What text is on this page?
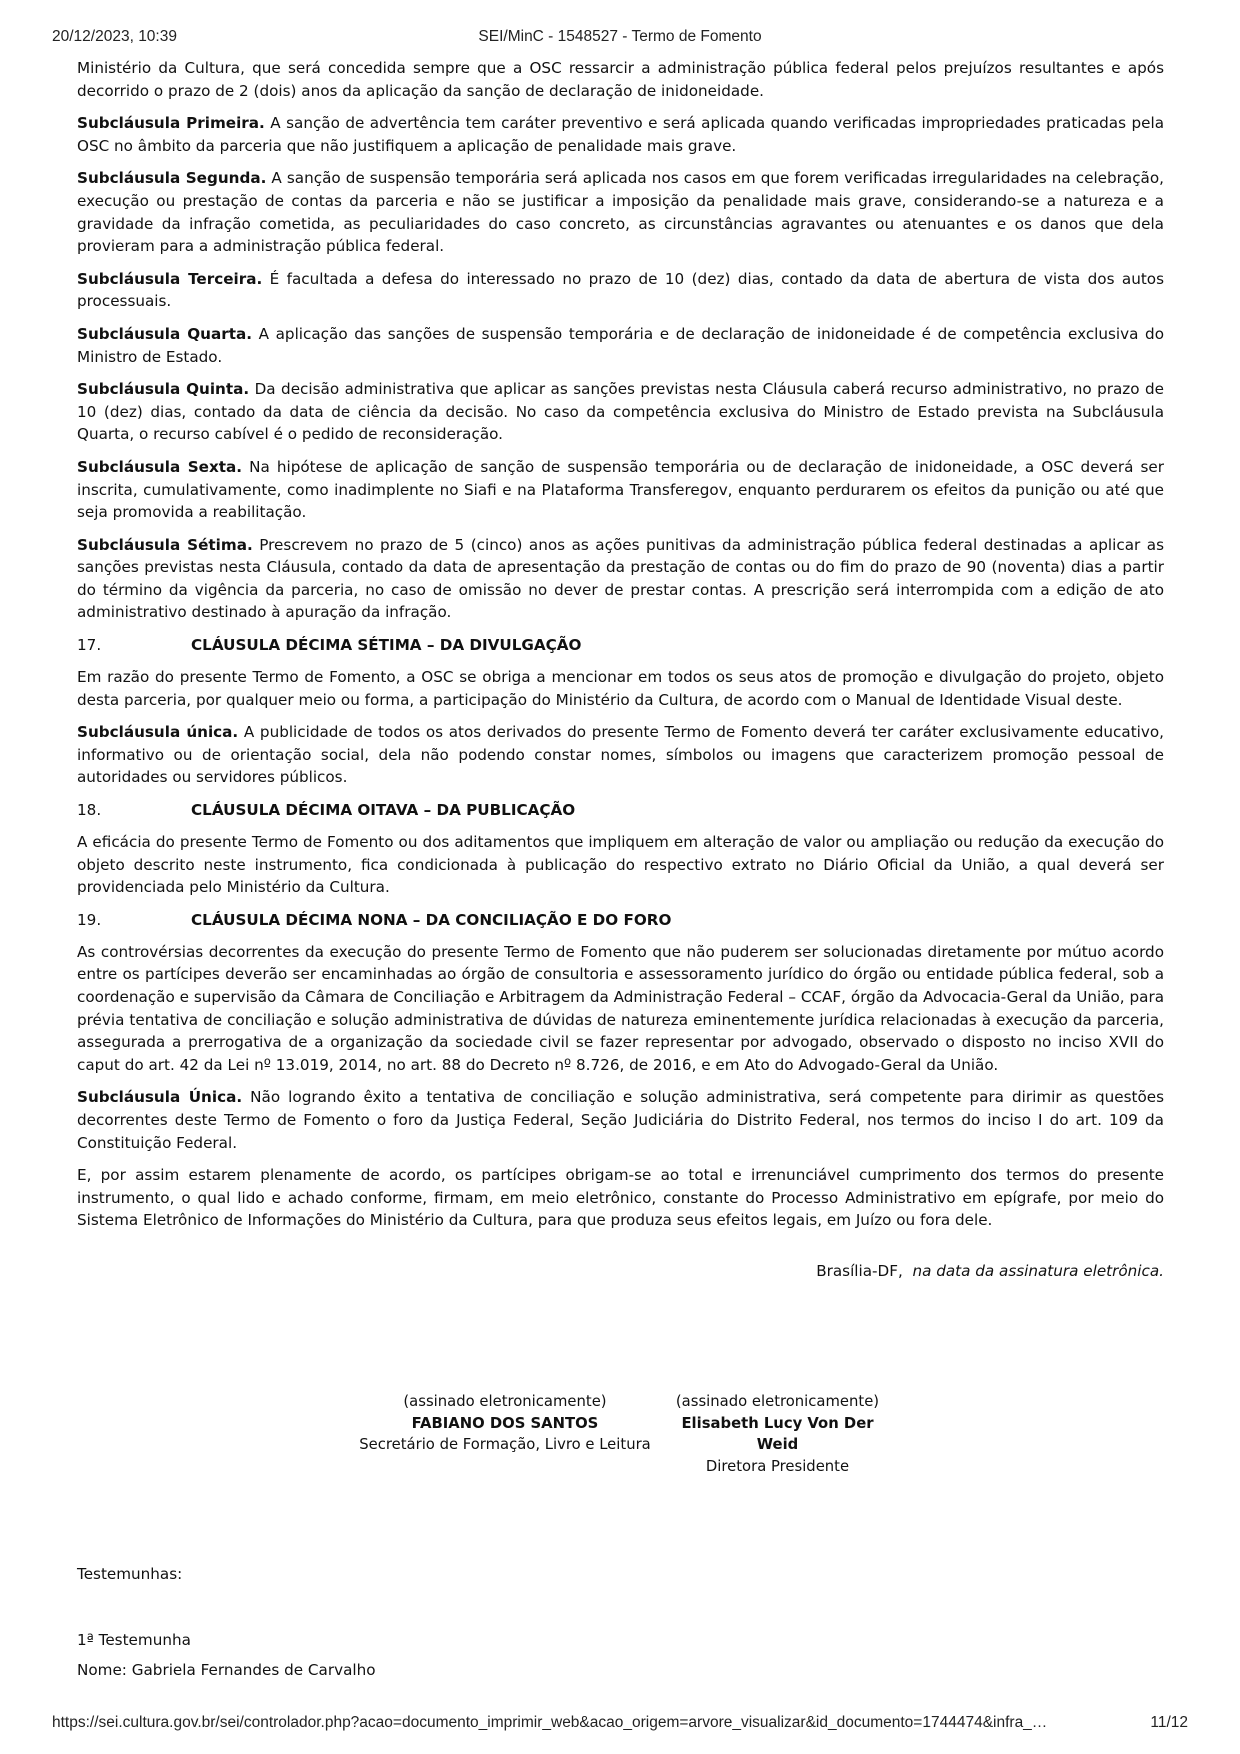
20/12/2023, 10:39	SEI/MinC - 1548527 - Termo de Fomento

Ministério da Cultura, que será concedida sempre que a OSC ressarcir a administração pública federal pelos prejuízos resultantes e após decorrido o prazo de 2 (dois) anos da aplicação da sanção de declaração de inidoneidade.

Subcláusula Primeira. A sanção de advertência tem caráter preventivo e será aplicada quando verificadas impropriedades praticadas pela OSC no âmbito da parceria que não justifiquem a aplicação de penalidade mais grave.

Subcláusula Segunda. A sanção de suspensão temporária será aplicada nos casos em que forem verificadas irregularidades na celebração, execução ou prestação de contas da parceria e não se justificar a imposição da penalidade mais grave, considerando-se a natureza e a gravidade da infração cometida, as peculiaridades do caso concreto, as circunstâncias agravantes ou atenuantes e os danos que dela provieram para a administração pública federal.

Subcláusula Terceira. É facultada a defesa do interessado no prazo de 10 (dez) dias, contado da data de abertura de vista dos autos processuais.

Subcláusula Quarta. A aplicação das sanções de suspensão temporária e de declaração de inidoneidade é de competência exclusiva do Ministro de Estado.

Subcláusula Quinta. Da decisão administrativa que aplicar as sanções previstas nesta Cláusula caberá recurso administrativo, no prazo de 10 (dez) dias, contado da data de ciência da decisão. No caso da competência exclusiva do Ministro de Estado prevista na Subcláusula Quarta, o recurso cabível é o pedido de reconsideração.

Subcláusula Sexta. Na hipótese de aplicação de sanção de suspensão temporária ou de declaração de inidoneidade, a OSC deverá ser inscrita, cumulativamente, como inadimplente no Siafi e na Plataforma Transferegov, enquanto perdurarem os efeitos da punição ou até que seja promovida a reabilitação.

Subcláusula Sétima. Prescrevem no prazo de 5 (cinco) anos as ações punitivas da administração pública federal destinadas a aplicar as sanções previstas nesta Cláusula, contado da data de apresentação da prestação de contas ou do fim do prazo de 90 (noventa) dias a partir do término da vigência da parceria, no caso de omissão no dever de prestar contas. A prescrição será interrompida com a edição de ato administrativo destinado à apuração da infração.

17.	CLÁUSULA DÉCIMA SÉTIMA – DA DIVULGAÇÃO

Em razão do presente Termo de Fomento, a OSC se obriga a mencionar em todos os seus atos de promoção e divulgação do projeto, objeto desta parceria, por qualquer meio ou forma, a participação do Ministério da Cultura, de acordo com o Manual de Identidade Visual deste.

Subcláusula única. A publicidade de todos os atos derivados do presente Termo de Fomento deverá ter caráter exclusivamente educativo, informativo ou de orientação social, dela não podendo constar nomes, símbolos ou imagens que caracterizem promoção pessoal de autoridades ou servidores públicos.

18.	CLÁUSULA DÉCIMA OITAVA – DA PUBLICAÇÃO

A eficácia do presente Termo de Fomento ou dos aditamentos que impliquem em alteração de valor ou ampliação ou redução da execução do objeto descrito neste instrumento, fica condicionada à publicação do respectivo extrato no Diário Oficial da União, a qual deverá ser providenciada pelo Ministério da Cultura.

19.	CLÁUSULA DÉCIMA NONA – DA CONCILIAÇÃO E DO FORO

As controvérsias decorrentes da execução do presente Termo de Fomento que não puderem ser solucionadas diretamente por mútuo acordo entre os partícipes deverão ser encaminhadas ao órgão de consultoria e assessoramento jurídico do órgão ou entidade pública federal, sob a coordenação e supervisão da Câmara de Conciliação e Arbitragem da Administração Federal – CCAF, órgão da Advocacia-Geral da União, para prévia tentativa de conciliação e solução administrativa de dúvidas de natureza eminentemente jurídica relacionadas à execução da parceria, assegurada a prerrogativa de a organização da sociedade civil se fazer representar por advogado, observado o disposto no inciso XVII do caput do art. 42 da Lei nº 13.019, 2014, no art. 88 do Decreto nº 8.726, de 2016, e em Ato do Advogado-Geral da União.

Subcláusula Única. Não logrando êxito a tentativa de conciliação e solução administrativa, será competente para dirimir as questões decorrentes deste Termo de Fomento o foro da Justiça Federal, Seção Judiciária do Distrito Federal, nos termos do inciso I do art. 109 da Constituição Federal.

E, por assim estarem plenamente de acordo, os partícipes obrigam-se ao total e irrenunciável cumprimento dos termos do presente instrumento, o qual lido e achado conforme, firmam, em meio eletrônico, constante do Processo Administrativo em epígrafe, por meio do Sistema Eletrônico de Informações do Ministério da Cultura, para que produza seus efeitos legais, em Juízo ou fora dele.

Brasília-DF, na data da assinatura eletrônica.
(assinado eletronicamente)
FABIANO DOS SANTOS
Secretário de Formação, Livro e Leitura
(assinado eletronicamente)
Elisabeth Lucy Von Der Weid
Diretora Presidente
Testemunhas:
1ª Testemunha
Nome: Gabriela Fernandes de Carvalho
https://sei.cultura.gov.br/sei/controlador.php?acao=documento_imprimir_web&acao_origem=arvore_visualizar&id_documento=1744474&infra_…	11/12
